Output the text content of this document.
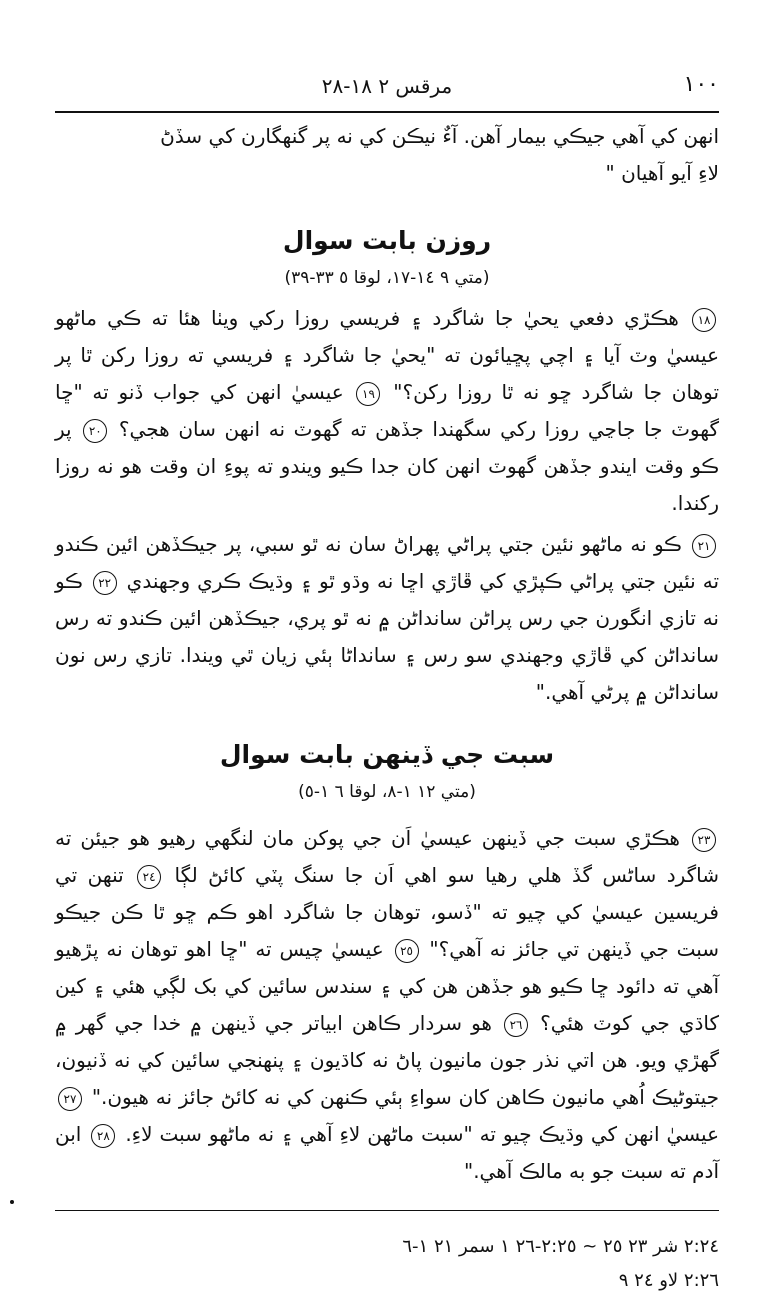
١٠٠
مرقس ٢ ١٨-٢٨
انھن کي آهي جيڪي بيمار آهن. آءٌ نيڪن کي نه پر گنهگارن کي سڏڻ
لاءِ آيو آهيان "
روزن بابت سوال
(متي ٩ ١٤-١٧، لوقا ٥ ٣٣-٣٩)

١٨ هڪڙي دفعي يحيٰ جا شاگرد ۽ فريسي روزا رکي ويٺا هئا ته ڪي ماڻهو عيسيٰ وٽ آيا ۽ اچي پڇيائون ته "يحيٰ جا شاگرد ۽ فريسي ته روزا رکن ٿا پر توهان جا شاگرد ڇو نه ٿا روزا رکن؟" ١٩ عيسيٰ انھن کي جواب ڏنو ته "ڇا گھوٽ جا جاڃي روزا رکي سگھندا جڏهن ته گھوٽ نه انھن سان هجي؟ ٢٠ پر ڪو وقت ايندو جڏهن گھوٽ انھن کان جدا ڪيو ويندو ته پوءِ ان وقت هو نه روزا رکندا.

٢١ ڪو نه ماڻھو نئين جتي پراڻي پهراڻ سان نه ٿو سبي، پر جيڪڏهن ائين ڪندو ته نئين جتي پراڻي ڪپڙي کي ڦاڙي اڇا نه وڌو ٿو ۽ وڌيڪ ڪري وجھندي ٢٢ ڪو نه تازي انگورن جي رس پراڻن سانداڻن ۾ نه ٿو پري، جيڪڏهن ائين ڪندو ته رس سانداڻن کي ڦاڙي وجھندي سو رس ۽ سانداڻا ٻئي زيان ٿي ويندا. تازي رس نون سانداڻن ۾ پرڻي آهي."

سبت جي ڏينهن بابت سوال
(متي ١٢ ١-٨، لوقا ٦ ١-٥)

٢٣ هڪڙي سبت جي ڏينهن عيسيٰ اَن جي پوکن مان لنگھي رهيو هو جيئن ته شاگرد ساڻس گڏ هلي رهيا سو اهي اَن جا سنگ پٽي کائڻ لڳا ٢٤ تنھن تي فريسين عيسيٰ کي چيو ته "ڏسو، توهان جا شاگرد اهو ڪم ڇو ٿا ڪن جيڪو سبت جي ڏينهن تي جائز نه آهي؟" ٢٥ عيسيٰ چيس ته "ڇا اهو توهان نه پڙهيو آهي ته دائود ڇا ڪيو هو جڏهن هن کي ۽ سندس سائين کي بک لڳي هئي ۽ کين کاڌي جي کوٽ هئي؟ ٢٦ هو سردار ڪاهن ابياتر جي ڏينهن ۾ خدا جي گھر ۾ گھڙي ويو. هن اتي نذر جون مانيون پاڻ نه کاڌيون ۽ پنھنجي سائين کي نه ڏنيون، جيتوڻيڪ اُهي مانيون ڪاهن کان سواءِ ٻئي ڪنھن کي نه کائڻ جائز نه هيون." ٢٧ عيسيٰ انھن کي وڌيڪ چيو ته "سبت ماڻھن لاءِ آهي ۽ نه ماڻھو سبت لاءِ. ٢٨ ابن آدم ته سبت جو به مالڪ آهي."

٢:٢٤ شر ٢٣ ٢٥ ~ ٢:٢٥-٢٦ ١ سمر ٢١ ١-٦
٢:٢٦ لاو ٢٤ ٩
